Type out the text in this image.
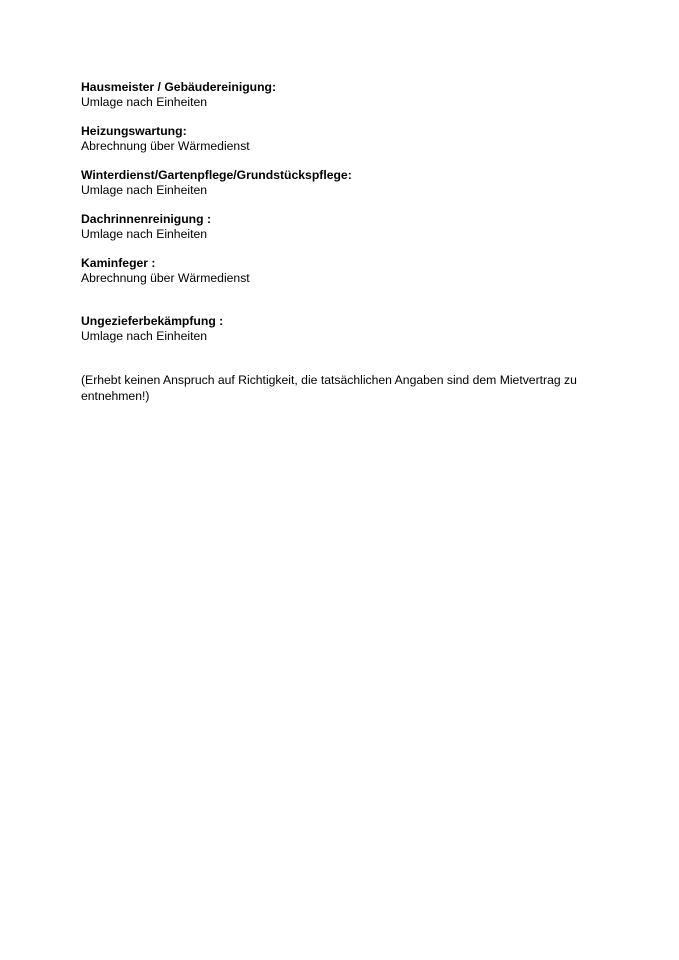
Hausmeister / Gebäudereinigung:

Umlage nach Einheiten

Heizungswartung:

Abrechnung über Wärmedienst

Winterdienst/Gartenpflege/Grundstückspflege:

Umlage nach Einheiten

Dachrinnenreinigung :

Umlage nach Einheiten

Kaminfeger :

Abrechnung über Wärmedienst

Ungezieferbekämpfung :

Umlage nach Einheiten

(Erhebt keinen Anspruch auf Richtigkeit, die tatsächlichen Angaben sind dem Mietvertrag zu entnehmen!)
